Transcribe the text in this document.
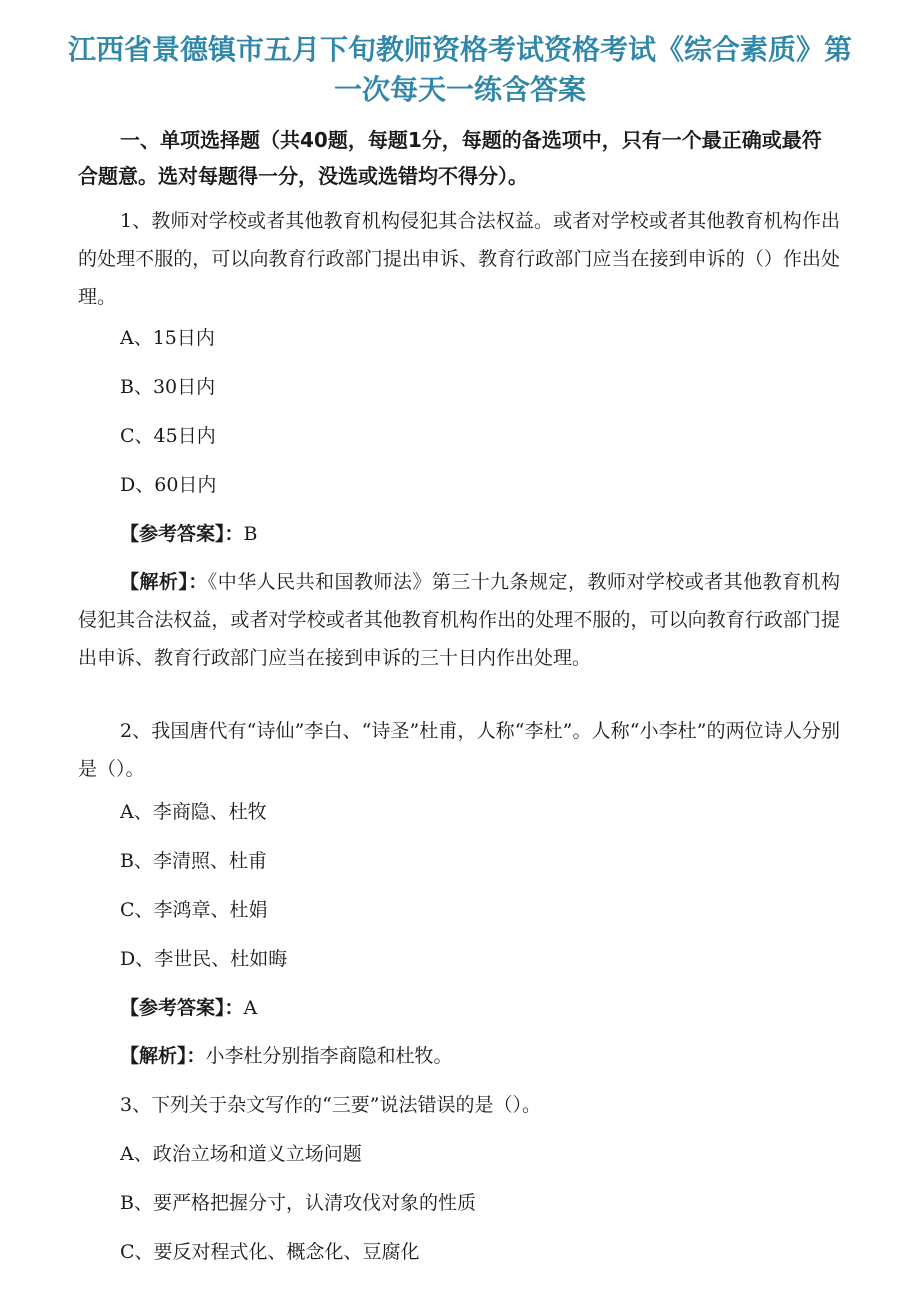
江西省景德镇市五月下旬教师资格考试资格考试《综合素质》第一次每天一练含答案

一、单项选择题（共40题，每题1分，每题的备选项中，只有一个最正确或最符合题意。选对每题得一分，没选或选错均不得分）。

1、教师对学校或者其他教育机构侵犯其合法权益。或者对学校或者其他教育机构作出的处理不服的，可以向教育行政部门提出申诉、教育行政部门应当在接到申诉的（）作出处理。

A、15日内

B、30日内

C、45日内

D、60日内

【参考答案】：B

【解析】：《中华人民共和国教师法》第三十九条规定，教师对学校或者其他教育机构侵犯其合法权益，或者对学校或者其他教育机构作出的处理不服的，可以向教育行政部门提出申诉、教育行政部门应当在接到申诉的三十日内作出处理。

2、我国唐代有“诗仙”李白、“诗圣”杜甫，人称“李杜”。人称“小李杜”的两位诗人分别是（）。

A、李商隐、杜牧

B、李清照、杜甫

C、李鸿章、杜娟

D、李世民、杜如晦

【参考答案】：A

【解析】：小李杜分别指李商隐和杜牧。

3、下列关于杂文写作的“三要”说法错误的是（）。

A、政治立场和道义立场问题

B、要严格把握分寸，认清攻伐对象的性质

C、要反对程式化、概念化、豆腐化
